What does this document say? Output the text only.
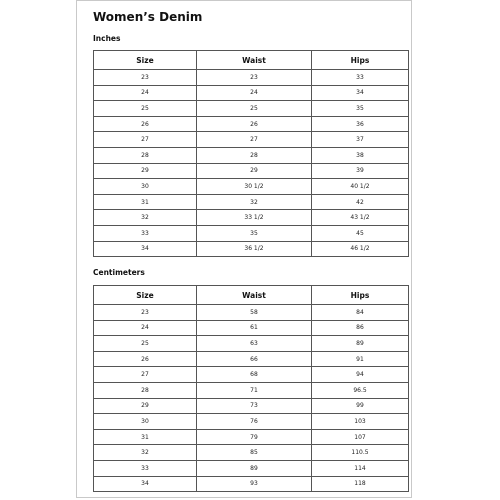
Women’s Denim
Inches
Size	Waist	Hips
23	23	33
24	24	34
25	25	35
26	26	36
27	27	37
28	28	38
29	29	39
30	30 1/2	40 1/2
31	32	42
32	33 1/2	43 1/2
33	35	45
34	36 1/2	46 1/2
Centimeters
Size	Waist	Hips
23	58	84
24	61	86
25	63	89
26	66	91
27	68	94
28	71	96.5
29	73	99
30	76	103
31	79	107
32	85	110.5
33	89	114
34	93	118
